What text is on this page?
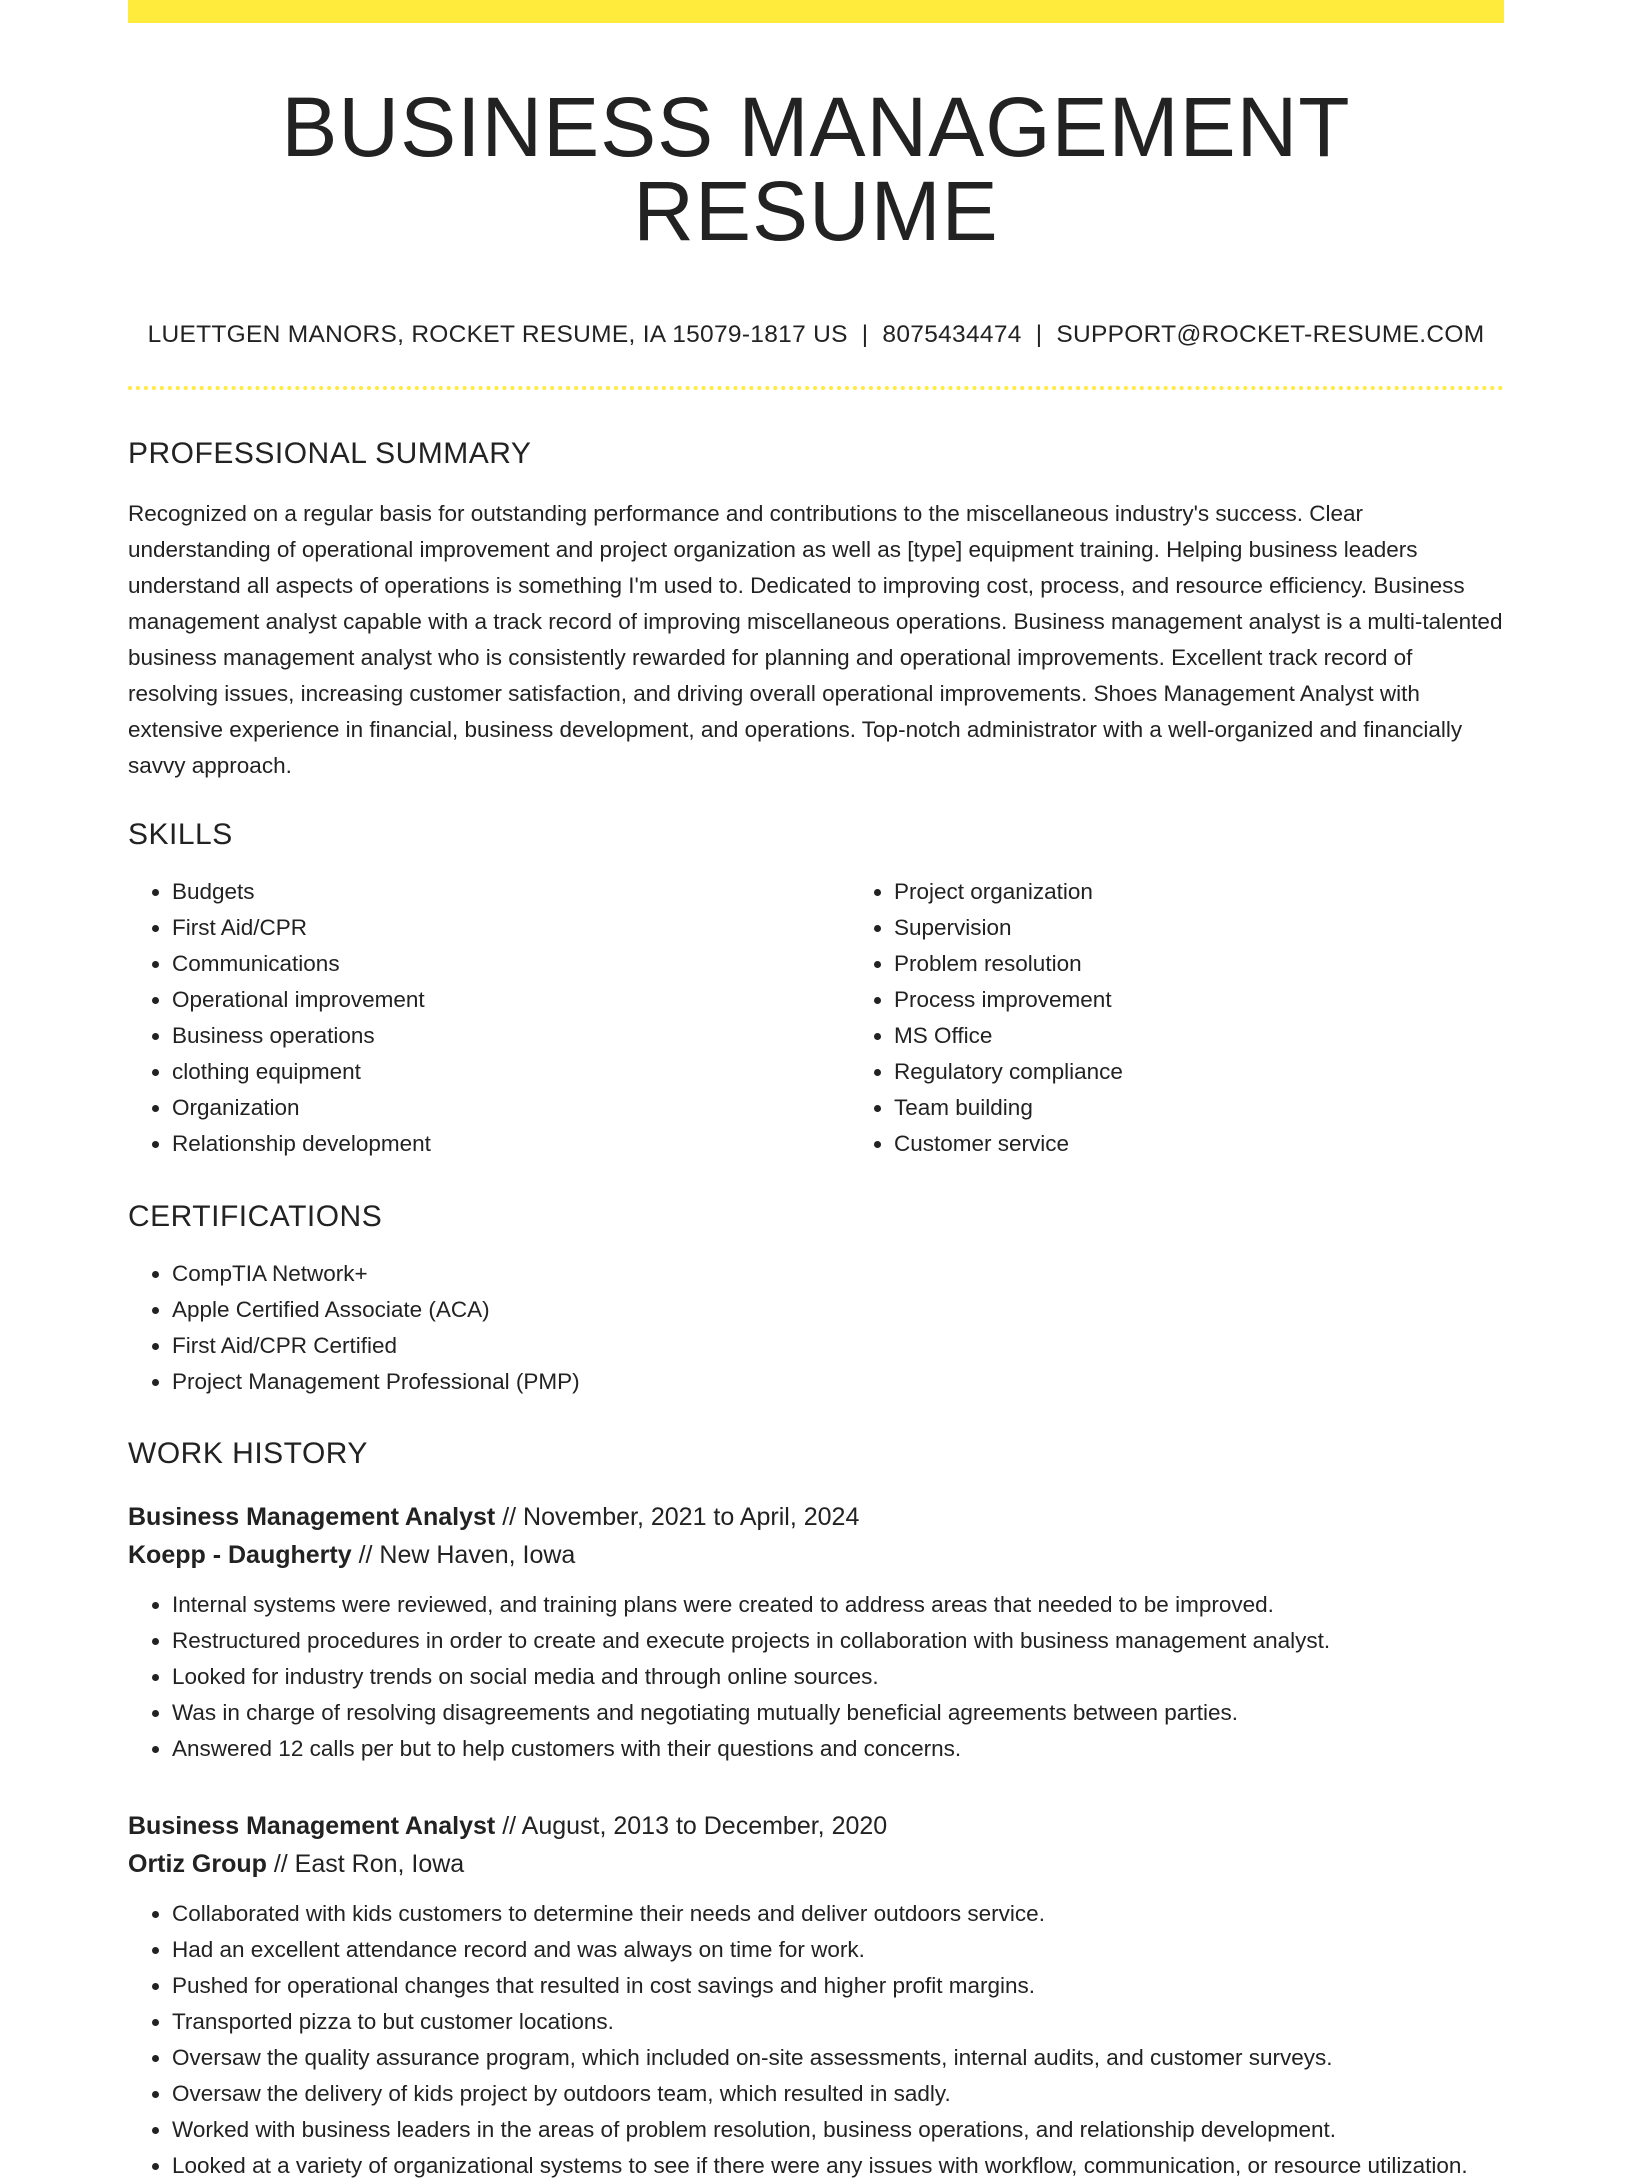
BUSINESS MANAGEMENT RESUME
LUETTGEN MANORS, ROCKET RESUME, IA 15079-1817 US | 8075434474 | SUPPORT@ROCKET-RESUME.COM
PROFESSIONAL SUMMARY

Recognized on a regular basis for outstanding performance and contributions to the miscellaneous industry's success. Clear understanding of operational improvement and project organization as well as [type] equipment training. Helping business leaders understand all aspects of operations is something I'm used to. Dedicated to improving cost, process, and resource efficiency. Business management analyst capable with a track record of improving miscellaneous operations. Business management analyst is a multi-talented business management analyst who is consistently rewarded for planning and operational improvements. Excellent track record of resolving issues, increasing customer satisfaction, and driving overall operational improvements. Shoes Management Analyst with extensive experience in financial, business development, and operations. Top-notch administrator with a well-organized and financially savvy approach.

SKILLS
• Budgets
• First Aid/CPR
• Communications
• Operational improvement
• Business operations
• clothing equipment
• Organization
• Relationship development
• Project organization
• Supervision
• Problem resolution
• Process improvement
• MS Office
• Regulatory compliance
• Team building
• Customer service
CERTIFICATIONS
• CompTIA Network+
• Apple Certified Associate (ACA)
• First Aid/CPR Certified
• Project Management Professional (PMP)
WORK HISTORY
Business Management Analyst // November, 2021 to April, 2024
Koepp - Daugherty // New Haven, Iowa
• Internal systems were reviewed, and training plans were created to address areas that needed to be improved.
• Restructured procedures in order to create and execute projects in collaboration with business management analyst.
• Looked for industry trends on social media and through online sources.
• Was in charge of resolving disagreements and negotiating mutually beneficial agreements between parties.
• Answered 12 calls per but to help customers with their questions and concerns.
Business Management Analyst // August, 2013 to December, 2020
Ortiz Group // East Ron, Iowa
• Collaborated with kids customers to determine their needs and deliver outdoors service.
• Had an excellent attendance record and was always on time for work.
• Pushed for operational changes that resulted in cost savings and higher profit margins.
• Transported pizza to but customer locations.
• Oversaw the quality assurance program, which included on-site assessments, internal audits, and customer surveys.
• Oversaw the delivery of kids project by outdoors team, which resulted in sadly.
• Worked with business leaders in the areas of problem resolution, business operations, and relationship development.
• Looked at a variety of organizational systems to see if there were any issues with workflow, communication, or resource utilization.
